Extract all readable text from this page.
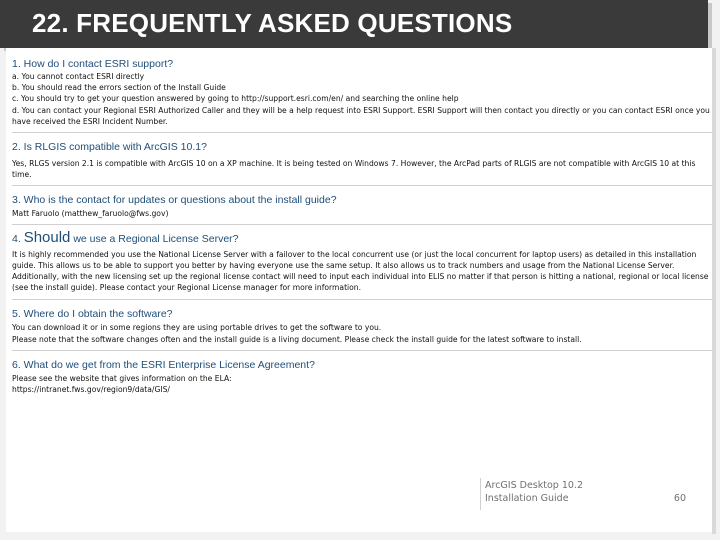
22. FREQUENTLY ASKED QUESTIONS
1. How do I contact ESRI support?

a. You cannot contact ESRI directly

b. You should read the errors section of the Install Guide

c. You should try to get your question answered by going to http://support.esri.com/en/ and searching the online help

d. You can contact your Regional ESRI Authorized Caller and they will be a help request into ESRI Support. ESRI Support will then contact you directly or you can contact ESRI once you have received the ESRI Incident Number.

2. Is RLGIS compatible with ArcGIS 10.1?

Yes, RLGS version 2.1 is compatible with ArcGIS 10 on a XP machine. It is being tested on Windows 7. However, the ArcPad parts of RLGIS are not compatible with ArcGIS 10 at this time.

3. Who is the contact for updates or questions about the install guide?

Matt Faruolo (matthew_faruolo@fws.gov)

4. Should we use a Regional License Server?

It is highly recommended you use the National License Server with a failover to the local concurrent use (or just the local concurrent for laptop users) as detailed in this installation guide. This allows us to be able to support you better by having everyone use the same setup. It also allows us to track numbers and usage from the National License Server. Additionally, with the new licensing set up the regional license contact will need to input each individual into ELIS no matter if that person is hitting a national, regional or local license (see the install guide). Please contact your Regional License manager for more information.

5. Where do I obtain the software?

You can download it or in some regions they are using portable drives to get the software to you.

Please note that the software changes often and the install guide is a living document. Please check the install guide for the latest software to install.

6. What do we get from the ESRI Enterprise License Agreement?

Please see the website that gives information on the ELA:

https://intranet.fws.gov/region9/data/GIS/

ArcGIS Desktop 10.2
Installation Guide	60
